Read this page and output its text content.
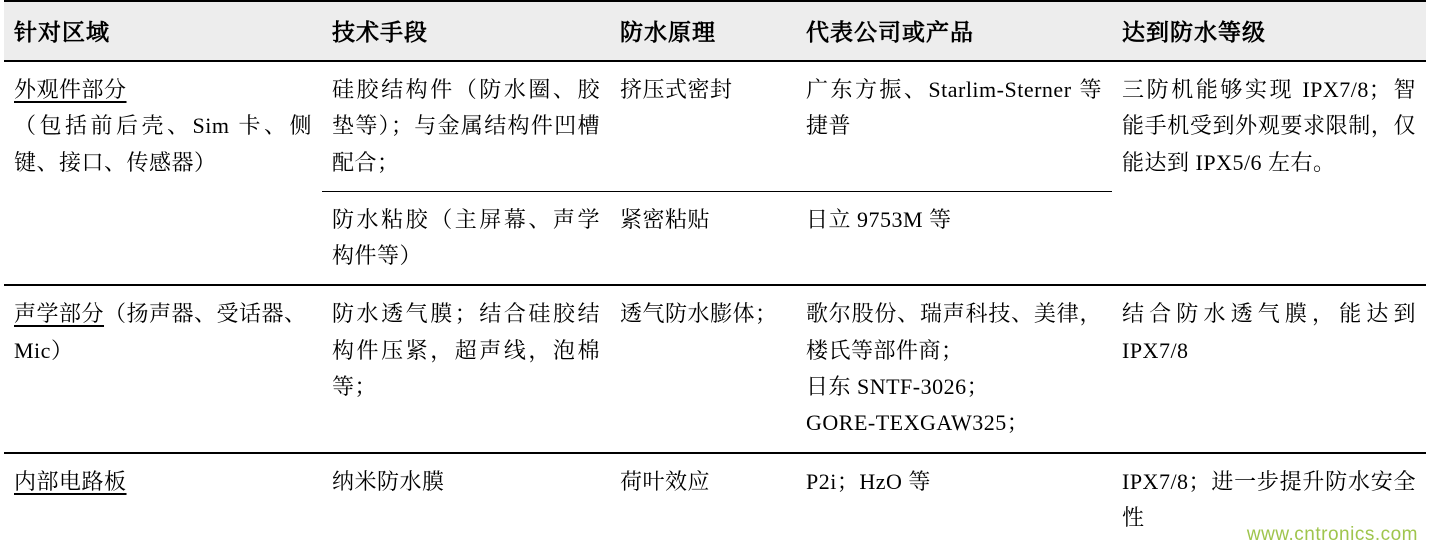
针对区域	技术手段	防水原理	代表公司或产品	达到防水等级

外观件部分
（包括前后壳、Sim 卡、侧键、接口、传感器）	硅胶结构件（防水圈、胶垫等）；与金属结构件凹槽配合；	挤压式密封	广东方振、Starlim-Sterner 等捷普	三防机能够实现 IPX7/8；智能手机受到外观要求限制，仅能达到 IPX5/6 左右。
	防水粘胶（主屏幕、声学构件等）	紧密粘贴	日立 9753M 等	
声学部分（扬声器、受话器、Mic）	防水透气膜；结合硅胶结构件压紧，超声线，泡棉等；	透气防水膨体；	歌尔股份、瑞声科技、美律，楼氏等部件商；
日东 SNTF-3026；
GORE-TEXGAW325；	结合防水透气膜，能达到 IPX7/8
内部电路板	纳米防水膜	荷叶效应	P2i；HzO 等	IPX7/8；进一步提升防水安全性
www.cntronics.com
